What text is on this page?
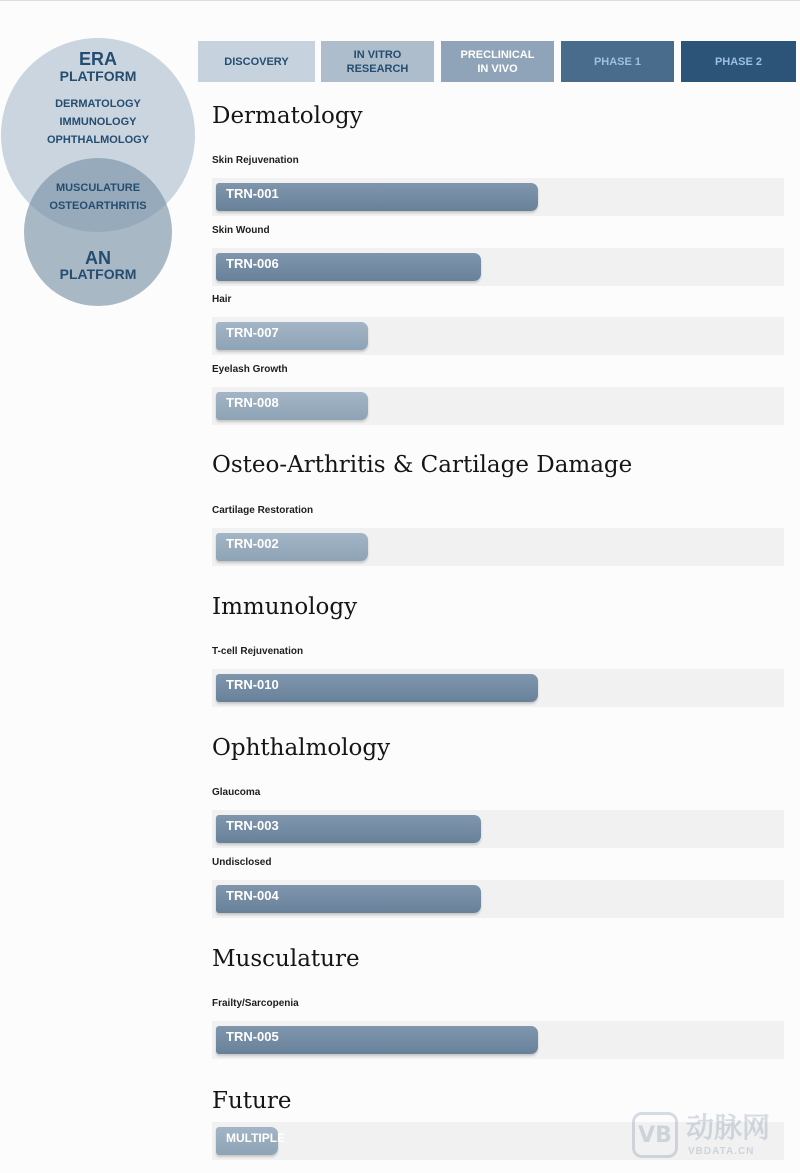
ERA
PLATFORM
DERMATOLOGY
IMMUNOLOGY
OPHTHALMOLOGY
MUSCULATURE
OSTEOARTHRITIS
AN
PLATFORM
DISCOVERY
IN VITRO
RESEARCH
PRECLINICAL
IN VIVO
PHASE 1	PHASE 2
Dermatology
Skin Rejuvenation
TRN-001
Skin Wound
TRN-006
Hair
TRN-007
Eyelash Growth
TRN-008
Osteo-Arthritis & Cartilage Damage
Cartilage Restoration
TRN-002
Immunology
T-cell Rejuvenation
TRN-010
Ophthalmology
Glaucoma
TRN-003
Undisclosed
TRN-004
Musculature
Frailty/Sarcopenia
TRN-005
Future
MULTIPLE	VB 动脉网
VBDATA.CN
